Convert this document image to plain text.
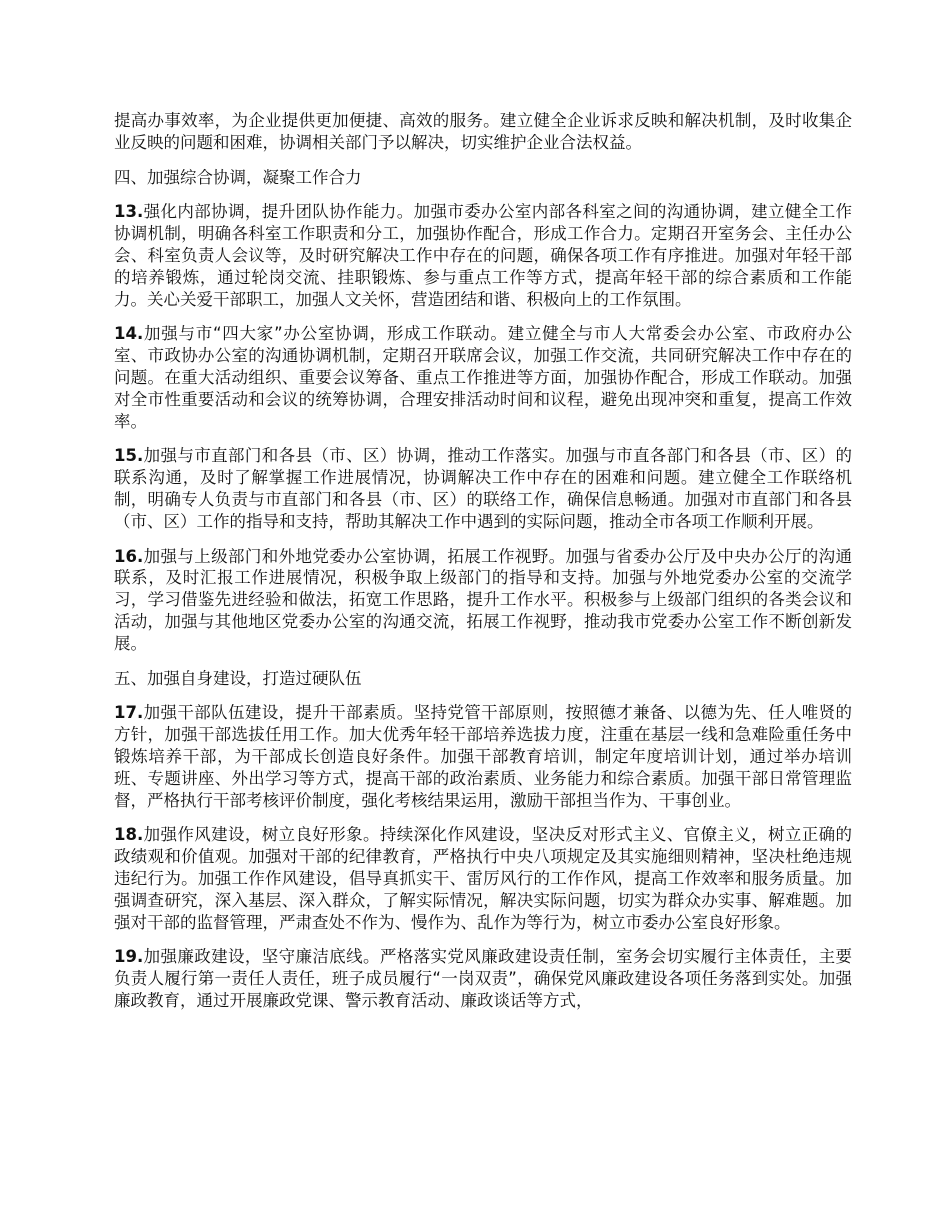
提高办事效率，为企业提供更加便捷、高效的服务。建立健全企业诉求反映和解决机制，及时收集企业反映的问题和困难，协调相关部门予以解决，切实维护企业合法权益。

四、加强综合协调，凝聚工作合力

13.强化内部协调，提升团队协作能力。加强市委办公室内部各科室之间的沟通协调，建立健全工作协调机制，明确各科室工作职责和分工，加强协作配合，形成工作合力。定期召开室务会、主任办公会、科室负责人会议等，及时研究解决工作中存在的问题，确保各项工作有序推进。加强对年轻干部的培养锻炼，通过轮岗交流、挂职锻炼、参与重点工作等方式，提高年轻干部的综合素质和工作能力。关心关爱干部职工，加强人文关怀，营造团结和谐、积极向上的工作氛围。

14.加强与市“四大家”办公室协调，形成工作联动。建立健全与市人大常委会办公室、市政府办公室、市政协办公室的沟通协调机制，定期召开联席会议，加强工作交流，共同研究解决工作中存在的问题。在重大活动组织、重要会议筹备、重点工作推进等方面，加强协作配合，形成工作联动。加强对全市性重要活动和会议的统筹协调，合理安排活动时间和议程，避免出现冲突和重复，提高工作效率。

15.加强与市直部门和各县（市、区）协调，推动工作落实。加强与市直各部门和各县（市、区）的联系沟通，及时了解掌握工作进展情况，协调解决工作中存在的困难和问题。建立健全工作联络机制，明确专人负责与市直部门和各县（市、区）的联络工作，确保信息畅通。加强对市直部门和各县（市、区）工作的指导和支持，帮助其解决工作中遇到的实际问题，推动全市各项工作顺利开展。

16.加强与上级部门和外地党委办公室协调，拓展工作视野。加强与省委办公厅及中央办公厅的沟通联系，及时汇报工作进展情况，积极争取上级部门的指导和支持。加强与外地党委办公室的交流学习，学习借鉴先进经验和做法，拓宽工作思路，提升工作水平。积极参与上级部门组织的各类会议和活动，加强与其他地区党委办公室的沟通交流，拓展工作视野，推动我市党委办公室工作不断创新发展。

五、加强自身建设，打造过硬队伍

17.加强干部队伍建设，提升干部素质。坚持党管干部原则，按照德才兼备、以德为先、任人唯贤的方针，加强干部选拔任用工作。加大优秀年轻干部培养选拔力度，注重在基层一线和急难险重任务中锻炼培养干部，为干部成长创造良好条件。加强干部教育培训，制定年度培训计划，通过举办培训班、专题讲座、外出学习等方式，提高干部的政治素质、业务能力和综合素质。加强干部日常管理监督，严格执行干部考核评价制度，强化考核结果运用，激励干部担当作为、干事创业。

18.加强作风建设，树立良好形象。持续深化作风建设，坚决反对形式主义、官僚主义，树立正确的政绩观和价值观。加强对干部的纪律教育，严格执行中央八项规定及其实施细则精神，坚决杜绝违规违纪行为。加强工作作风建设，倡导真抓实干、雷厉风行的工作作风，提高工作效率和服务质量。加强调查研究，深入基层、深入群众，了解实际情况，解决实际问题，切实为群众办实事、解难题。加强对干部的监督管理，严肃查处不作为、慢作为、乱作为等行为，树立市委办公室良好形象。

19.加强廉政建设，坚守廉洁底线。严格落实党风廉政建设责任制，室务会切实履行主体责任，主要负责人履行第一责任人责任，班子成员履行“一岗双责”，确保党风廉政建设各项任务落到实处。加强廉政教育，通过开展廉政党课、警示教育活动、廉政谈话等方式，
